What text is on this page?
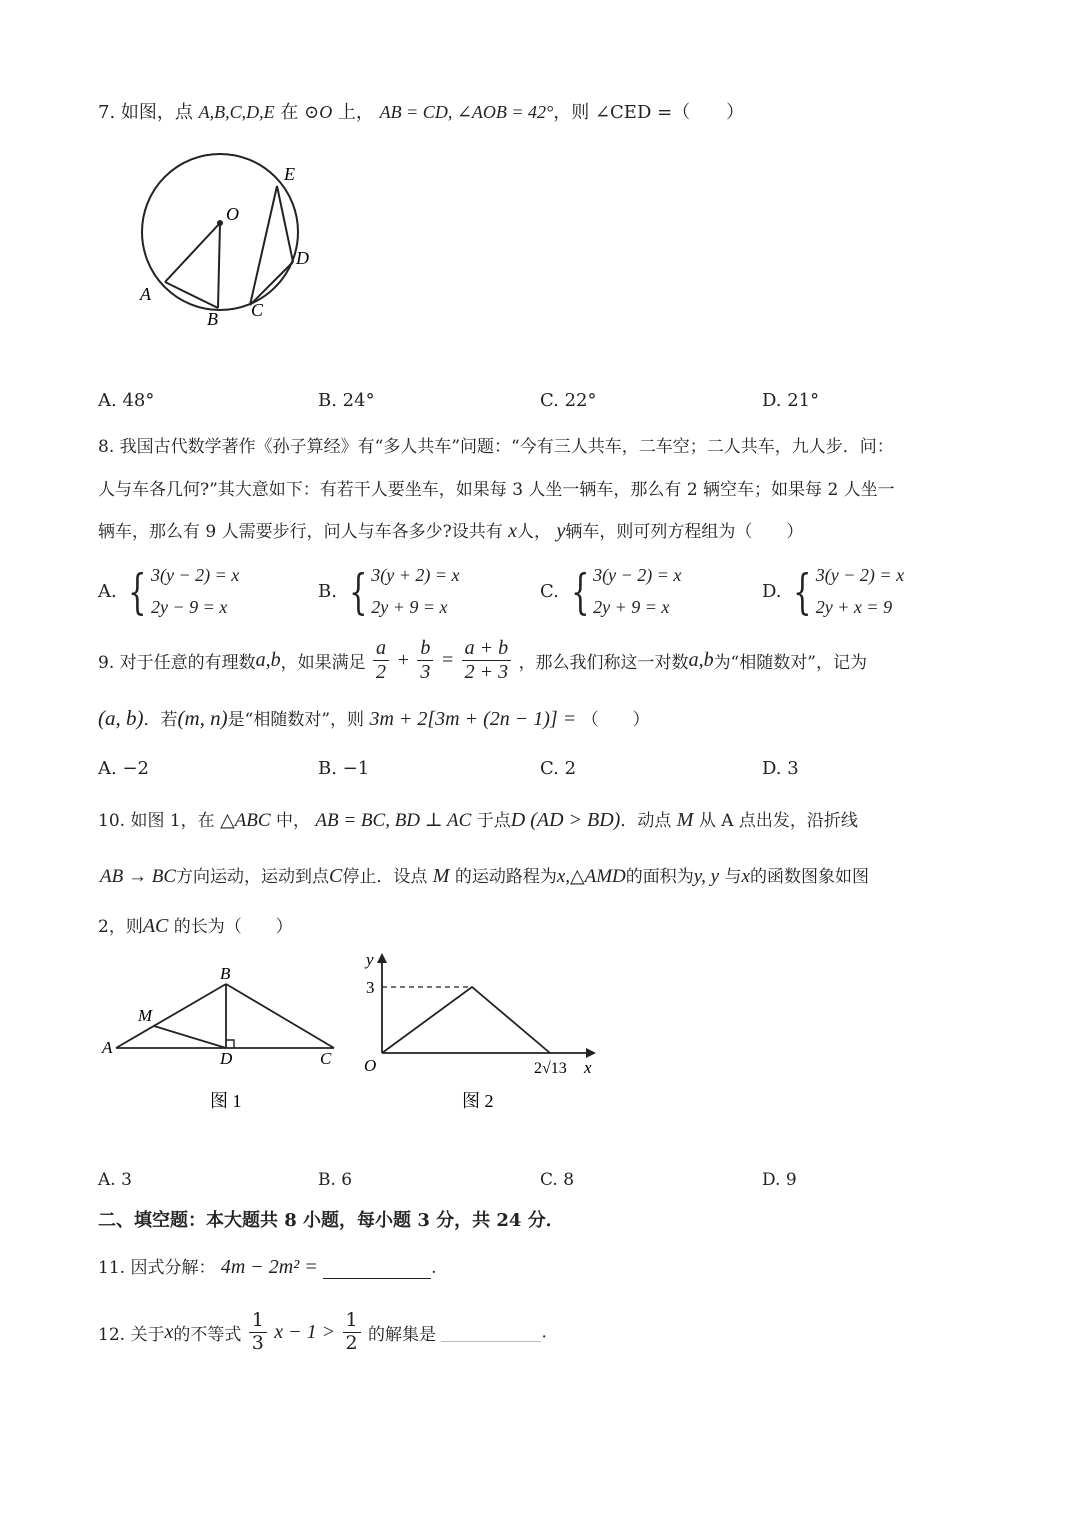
7. 如图，点 A,B,C,D,E 在 ⊙O 上， AB = CD, ∠AOB = 42°，则 ∠CED =（　　）
O
A
B C
D
E
A. 48°	B. 24°	C. 22°	D. 21°
8. 我国古代数学著作《孙子算经》有“多人共车”问题：“今有三人共车，二车空；二人共车，九人步．问：
人与车各几何?”其大意如下：有若干人要坐车，如果每 3 人坐一辆车，那么有 2 辆空车；如果每 2 人坐一
辆车，那么有 9 人需要步行，问人与车各多少?设共有 x人， y辆车，则可列方程组为（　　）
A. { 3(y − 2) = x
2y − 9 = x
B. { 3(y + 2) = x
2y + 9 = x
C. { 3(y − 2) = x
2y + 9 = x
D. { 3(y − 2) = x
2y + x = 9
9. 对于任意的有理数a,b，如果满足 $\frac{a}{2} + \frac{b}{3} = \frac{a + b}{2 + 3}$ ，那么我们称这一对数a,b为“相随数对”，记为
(a, b)．若(m, n)是“相随数对”，则 3m + 2[3m + (2n − 1)] = （　　）
A. −2	B. −1	C. 2	D. 3
10. 如图 1，在 △ABC 中， AB = BC, BD ⊥ AC 于点D (AD > BD)．动点 M 从 A 点出发，沿折线
AB → BC方向运动，运动到点C停止．设点 M 的运动路程为x,△AMD的面积为y, y 与x的函数图象如图
2，则AC 的长为（　　）
A
B
C
D
M
图 1
y
x
O
3
2√13
图 2
A. 3	B. 6	C. 8	D. 9
二、填空题：本大题共 8 小题，每小题 3 分，共 24 分．
11. 因式分解： 4m − 2m² =	.
12. 关于x的不等式 $\frac{1}{3}$ $x - 1 > \frac{1}{2}$ 的解集是	.
